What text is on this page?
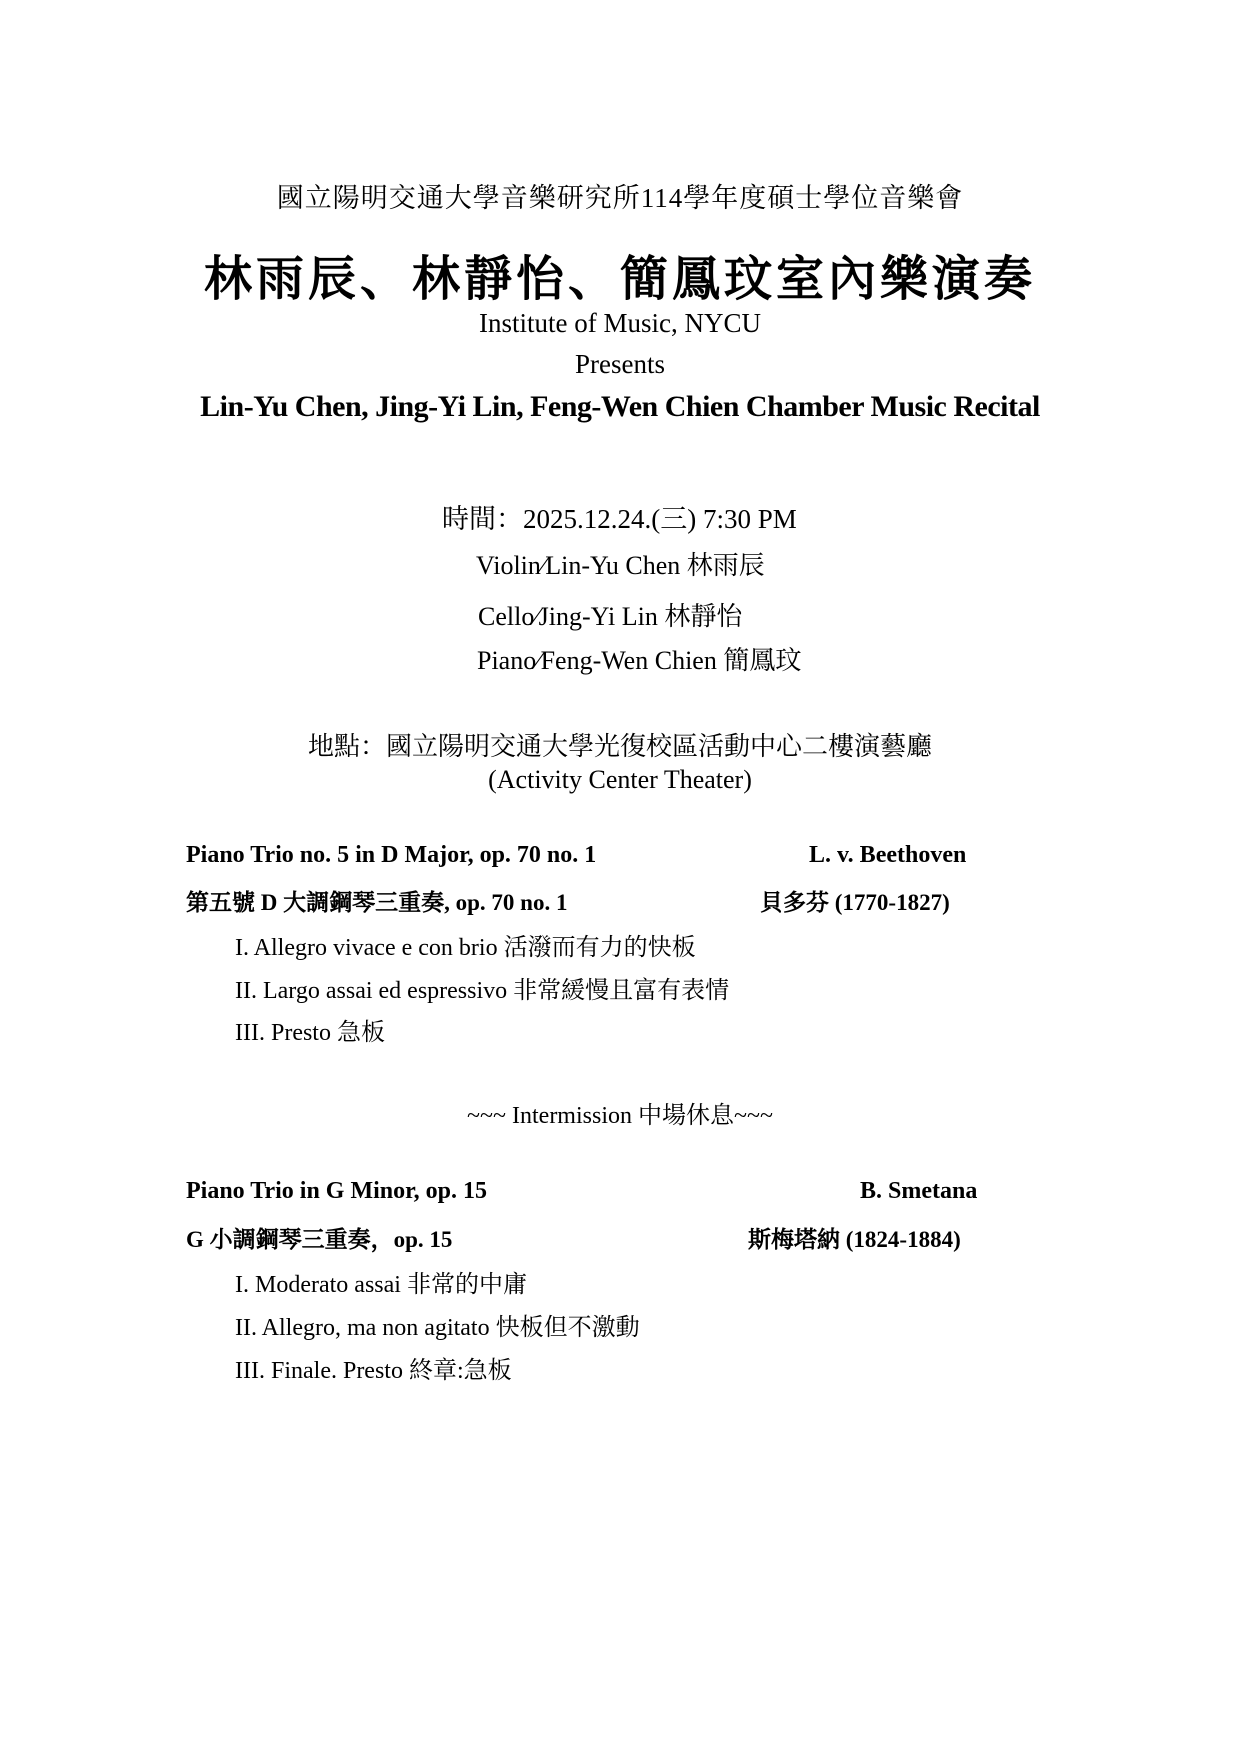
國立陽明交通大學音樂研究所114學年度碩士學位音樂會
林雨辰、林靜怡、簡鳳玟室內樂演奏
Institute of Music, NYCU
Presents
Lin-Yu Chen, Jing-Yi Lin, Feng-Wen Chien Chamber Music Recital
時間：2025.12.24.(三) 7:30 PM
Violin∕Lin-Yu Chen 林雨辰
Cello∕Jing-Yi Lin 林靜怡
Piano∕Feng-Wen Chien 簡鳳玟
地點：國立陽明交通大學光復校區活動中心二樓演藝廳
(Activity Center Theater)
Piano Trio no. 5 in D Major, op. 70 no. 1	L. v. Beethoven
第五號 D 大調鋼琴三重奏, op. 70 no. 1	貝多芬 (1770-1827)
I. Allegro vivace e con brio 活潑而有力的快板
II. Largo assai ed espressivo 非常緩慢且富有表情
III. Presto 急板
~~~ Intermission 中場休息~~~
Piano Trio in G Minor, op. 15	B. Smetana
G 小調鋼琴三重奏，op. 15	斯梅塔納 (1824-1884)
I. Moderato assai 非常的中庸
II. Allegro, ma non agitato 快板但不激動
III. Finale. Presto 終章:急板
